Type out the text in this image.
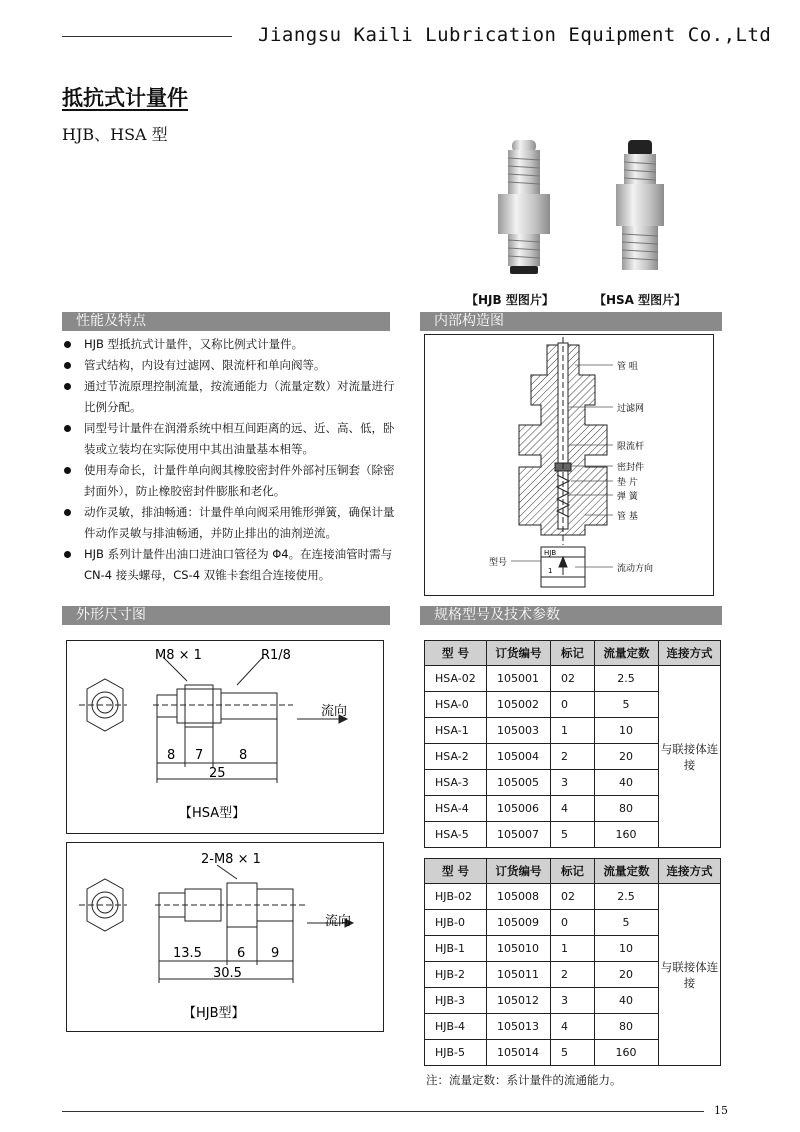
Jiangsu Kaili Lubrication Equipment Co.,Ltd
抵抗式计量件
HJB、HSA 型
【HJB 型图片】	【HSA 型图片】
性能及特点	内部构造图
外形尺寸图	规格型号及技术参数
HJB 型抵抗式计量件，又称比例式计量件。
管式结构，内设有过滤网、限流杆和单向阀等。
通过节流原理控制流量，按流通能力（流量定数）对流量进行比例分配。
同型号计量件在润滑系统中相互间距离的远、近、高、低，卧装或立装均在实际使用中其出油量基本相等。
使用寿命长，计量件单向阀其橡胶密封件外部衬压铜套（除密封面外），防止橡胶密封件膨胀和老化。
动作灵敏，排油畅通：计量件单向阀采用锥形弹簧，确保计量件动作灵敏与排油畅通，并防止排出的油剂逆流。
HJB 系列计量件出油口进油口管径为 Φ4。在连接油管时需与 CN-4 接头螺母，CS-4 双锥卡套组合连接使用。
管 咀
过滤网
限流杆
密封件
垫 片
弹 簧
管 基
型号
HJB
1	流动方向
M8 × 1	R1/8
流向
8 7	8
25
【HSA型】
2-M8 × 1
流向
13.5	6 9
30.5
【HJB型】
型 号	订货编号	标记	流量定数	连接方式
HSA-02	105001	02	2.5	与联接体连接
HSA-0	105002	0	5	
HSA-1	105003	1	10	
HSA-2	105004	2	20	
HSA-3	105005	3	40	
HSA-4	105006	4	80	
HSA-5	105007	5	160	
型 号	订货编号	标记	流量定数	连接方式
HJB-02	105008	02	2.5	与联接体连接
HJB-0	105009	0	5	
HJB-1	105010	1	10	
HJB-2	105011	2	20	
HJB-3	105012	3	40	
HJB-4	105013	4	80	
HJB-5	105014	5	160	
注：流量定数：系计量件的流通能力。
15
